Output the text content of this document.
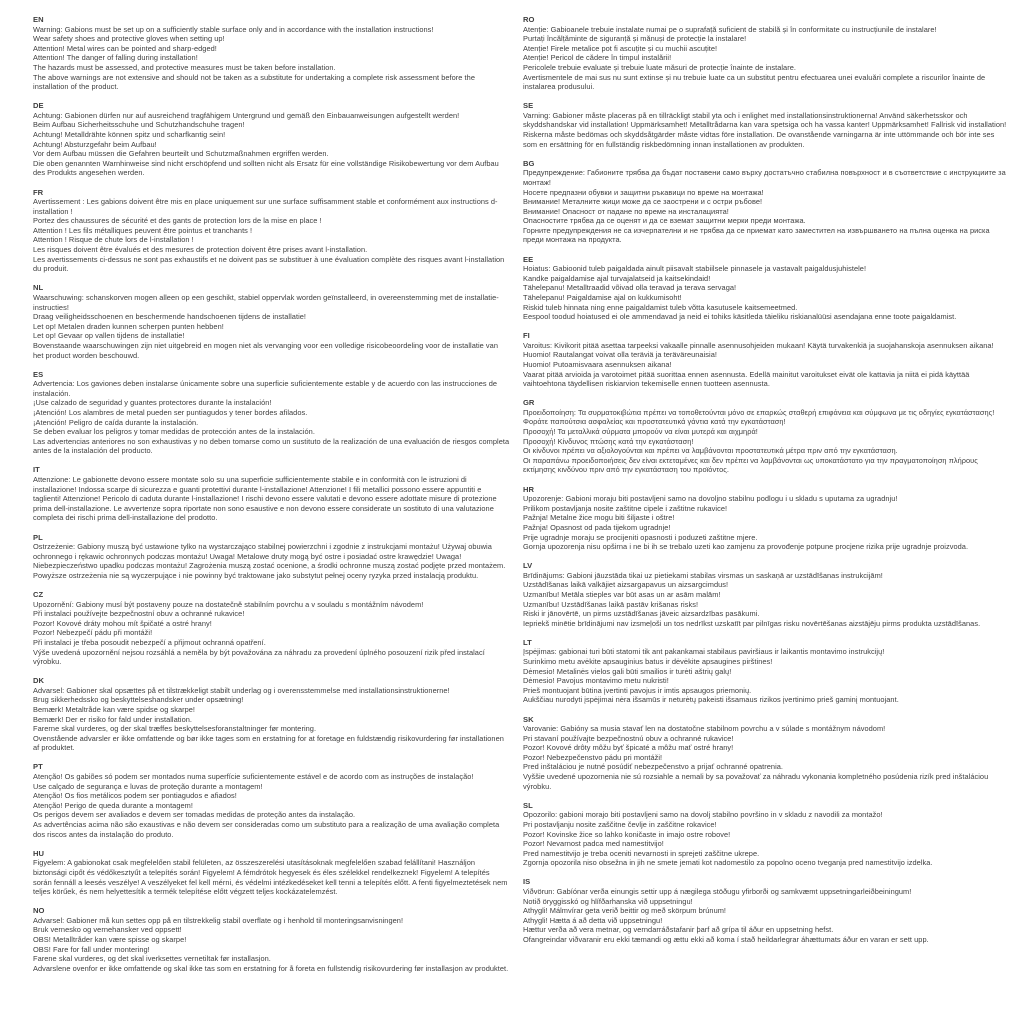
EN
Warning: Gabions must be set up on a sufficiently stable surface only and in accordance with the installation instructions!
Wear safety shoes and protective gloves when setting up!
Attention! Metal wires can be pointed and sharp-edged!
Attention! The danger of falling during installation!
The hazards must be assessed, and protective measures must be taken before installation.
The above warnings are not extensive and should not be taken as a substitute for undertaking a complete risk assessment before the installation of the product.
DE
Achtung: Gabionen dürfen nur auf ausreichend tragfähigem Untergrund und gemäß den Einbauanweisungen aufgestellt werden!
Beim Aufbau Sicherheitsschuhe und Schutzhandschuhe tragen!
Achtung! Metalldrähte können spitz und scharfkantig sein!
Achtung! Absturzgefahr beim Aufbau!
Vor dem Aufbau müssen die Gefahren beurteilt und Schutzmaßnahmen ergriffen werden.
Die oben genannten Warnhinweise sind nicht erschöpfend und sollten nicht als Ersatz für eine vollständige Risikobewertung vor dem Aufbau des Produkts angesehen werden.
FR
Avertissement : Les gabions doivent être mis en place uniquement sur une surface suffisamment stable et conformément aux instructions d-installation !
Portez des chaussures de sécurité et des gants de protection lors de la mise en place !
Attention ! Les fils métalliques peuvent être pointus et tranchants !
Attention ! Risque de chute lors de l-installation !
Les risques doivent être évalués et des mesures de protection doivent être prises avant l-installation.
Les avertissements ci-dessus ne sont pas exhaustifs et ne doivent pas se substituer à une évaluation complète des risques avant l-installation du produit.
NL
Waarschuwing: schanskorven mogen alleen op een geschikt, stabiel oppervlak worden geïnstalleerd, in overeenstemming met de installatie-instructies!
Draag veiligheidsschoenen en beschermende handschoenen tijdens de installatie!
Let op! Metalen draden kunnen scherpen punten hebben!
Let op! Gevaar op vallen tijdens de installatie!
Bovenstaande waarschuwingen zijn niet uitgebreid en mogen niet als vervanging voor een volledige risicobeoordeling voor de installatie van het product worden beschouwd.
ES
Advertencia: Los gaviones deben instalarse únicamente sobre una superficie suficientemente estable y de acuerdo con las instrucciones de instalación.
¡Use calzado de seguridad y guantes protectores durante la instalación!
¡Atención! Los alambres de metal pueden ser puntiagudos y tener bordes afilados.
¡Atención! Peligro de caída durante la instalación.
Se deben evaluar los peligros y tomar medidas de protección antes de la instalación.
Las advertencias anteriores no son exhaustivas y no deben tomarse como un sustituto de la realización de una evaluación de riesgos completa antes de la instalación del producto.
IT
Attenzione: Le gabionette devono essere montate solo su una superficie sufficientemente stabile e in conformità con le istruzioni di installazione! Indossa scarpe di sicurezza e guanti protettivi durante l-installazione! Attenzione! I fili metallici possono essere appuntiti e taglienti! Attenzione! Pericolo di caduta durante l-installazione! I rischi devono essere valutati e devono essere adottate misure di protezione prima dell-installazione. Le avvertenze sopra riportate non sono esaustive e non devono essere considerate un sostituto di una valutazione completa dei rischi prima dell-installazione del prodotto.
PL
Ostrzeżenie: Gabiony muszą być ustawione tylko na wystarczająco stabilnej powierzchni i zgodnie z instrukcjami montażu! Używaj obuwia ochronnego i rękawic ochronnych podczas montażu! Uwaga! Metalowe druty mogą być ostre i posiadać ostre krawędzie! Uwaga! Niebezpieczeństwo upadku podczas montażu! Zagrożenia muszą zostać ocenione, a środki ochronne muszą zostać podjęte przed montażem. Powyższe ostrzeżenia nie są wyczerpujące i nie powinny być traktowane jako substytut pełnej oceny ryzyka przed instalacją produktu.
CZ
Upozornění: Gabiony musí být postaveny pouze na dostatečně stabilním povrchu a v souladu s montážním návodem!
Při instalaci používejte bezpečnostní obuv a ochranné rukavice!
Pozor! Kovové dráty mohou mít špičaté a ostré hrany!
Pozor! Nebezpečí pádu při montáži!
Při instalaci je třeba posoudit nebezpečí a přijmout ochranná opatření.
Výše uvedená upozornění nejsou rozsáhlá a neměla by být považována za náhradu za provedení úplného posouzení rizik před instalací výrobku.
DK
Advarsel: Gabioner skal opsættes på et tilstrækkeligt stabilt underlag og i overensstemmelse med installationsinstruktionerne!
Brug sikkerhedssko og beskyttelseshandsker under opsætning!
Bemærk! Metaltråde kan være spidse og skarpe!
Bemærk! Der er risiko for fald under installation.
Farerne skal vurderes, og der skal træffes beskyttelsesforanstaltninger før montering.
Ovenstående advarsler er ikke omfattende og bør ikke tages som en erstatning for at foretage en fuldstændig risikovurdering før installationen af produktet.
PT
Atenção! Os gabiões só podem ser montados numa superfície suficientemente estável e de acordo com as instruções de instalação!
Use calçado de segurança e luvas de proteção durante a montagem!
Atenção! Os fios metálicos podem ser pontiagudos e afiados!
Atenção! Perigo de queda durante a montagem!
Os perigos devem ser avaliados e devem ser tomadas medidas de proteção antes da instalação.
As advertências acima não são exaustivas e não devem ser consideradas como um substituto para a realização de uma avaliação completa dos riscos antes da instalação do produto.
HU
Figyelem: A gabionokat csak megfelelően stabil felületen, az összeszerelési utasításoknak megfelelően szabad felállítani! Használjon biztonsági cipőt és védőkesztyűt a telepítés során! Figyelem! A fémdrótok hegyesek és éles szélekkel rendelkeznek! Figyelem! A telepítés során fennáll a leesés veszélye! A veszélyeket fel kell mérni, és védelmi intézkedéseket kell tenni a telepítés előtt. A fenti figyelmeztetések nem teljes körűek, és nem helyettesítik a termék telepítése előtt végzett teljes kockázatelemzést.
NO
Advarsel: Gabioner må kun settes opp på en tilstrekkelig stabil overflate og i henhold til monteringsanvisningen!
Bruk vernesko og vernehansker ved oppsett!
OBS! Metalltråder kan være spisse og skarpe!
OBS! Fare for fall under montering!
Farene skal vurderes, og det skal iverksettes vernetiltak før installasjon.
Advarslene ovenfor er ikke omfattende og skal ikke tas som en erstatning for å foreta en fullstendig risikovurdering før installasjon av produktet.
RO
Atenție: Gabioanele trebuie instalate numai pe o suprafață suficient de stabilă și în conformitate cu instrucțiunile de instalare!
Purtați încălțăminte de siguranță și mănuși de protecție la instalare!
Atenție! Firele metalice pot fi ascuțite și cu muchii ascuțite!
Atenție! Pericol de cădere în timpul instalării!
Pericolele trebuie evaluate și trebuie luate măsuri de protecție înainte de instalare.
Avertismentele de mai sus nu sunt extinse și nu trebuie luate ca un substitut pentru efectuarea unei evaluări complete a riscurilor înainte de instalarea produsului.
SE
Varning: Gabioner måste placeras på en tillräckligt stabil yta och i enlighet med installationsinstruktionerna! Använd säkerhetsskor och skyddshandskar vid installation! Uppmärksamhet! Metalltrådarna kan vara spetsiga och ha vassa kanter! Uppmärksamhet! Fallrisk vid installation! Riskerna måste bedömas och skyddsåtgärder måste vidtas före installation. De ovanstående varningarna är inte uttömmande och bör inte ses som en ersättning för en fullständig riskbedömning innan installationen av produkten.
BG
Предупреждение: Габионите трябва да бъдат поставени само върху достатъчно стабилна повърхност и в съответствие с инструкциите за монтаж!
Носете предпазни обувки и защитни ръкавици по време на монтажа!
Внимание! Металните жици може да се заострени и с остри ръбове!
Внимание! Опасност от падане по време на инсталацията!
Опасностите трябва да се оценят и да се вземат защитни мерки преди монтажа.
Горните предупреждения не са изчерпателни и не трябва да се приемат като заместител на извършването на пълна оценка на риска преди монтажа на продукта.
EE
Hoiatus: Gabioonid tuleb paigaldada ainult piisavalt stabiilsele pinnasele ja vastavalt paigaldusjuhistele!
Kandke paigaldamise ajal turvajalatseid ja kaitsekindaid!
Tähelepanu! Metalltraadid võivad olla teravad ja terava servaga!
Tähelepanu! Paigaldamise ajal on kukkumisoht!
Riskid tuleb hinnata ning enne paigaldamist tuleb võtta kasutusele kaitsemeetmed.
Eespool toodud hoiatused ei ole ammendavad ja neid ei tohiks käsitleda täieliku riskianalüüsi asendajana enne toote paigaldamist.
FI
Varoitus: Kivikorit pitää asettaa tarpeeksi vakaalle pinnalle asennusohjeiden mukaan! Käytä turvakenkiä ja suojahanskoja asennuksen aikana!
Huomio! Rautalangat voivat olla teräviä ja teräväreunaisia!
Huomio! Putoamisvaara asennuksen aikana!
Vaarat pitää arvioida ja varotoimet pitää suorittaa ennen asennusta. Edellä mainitut varoitukset eivät ole kattavia ja niitä ei pidä käyttää vaihtoehtona täydellisen riskiarvion tekemiselle ennen tuotteen asennusta.
GR
Προειδοποίηση: Τα συρματοκιβώτια πρέπει να τοποθετούνται μόνο σε επαρκώς σταθερή επιφάνεια και σύμφωνα με τις οδηγίες εγκατάστασης!
Φοράτε παπούτσια ασφαλείας και προστατευτικά γάντια κατά την εγκατάσταση!
Προσοχή! Τα μεταλλικά σύρματα μπορούν να είναι μυτερά και αιχμηρά!
Προσοχή! Κίνδυνος πτώσης κατά την εγκατάσταση!
Οι κίνδυνοι πρέπει να αξιολογούνται και πρέπει να λαμβάνονται προστατευτικά μέτρα πριν από την εγκατάσταση.
Οι παραπάνω προειδοποιήσεις δεν είναι εκτεταμένες και δεν πρέπει να λαμβάνονται ως υποκατάστατο για την πραγματοποίηση πλήρους εκτίμησης κινδύνου πριν από την εγκατάσταση του προϊόντος.
HR
Upozorenje: Gabioni moraju biti postavljeni samo na dovoljno stabilnu podlogu i u skladu s uputama za ugradnju!
Prilikom postavljanja nosite zaštitne cipele i zaštitne rukavice!
Pažnja! Metalne žice mogu biti šiljaste i oštre!
Pažnja! Opasnost od pada tijekom ugradnje!
Prije ugradnje moraju se procijeniti opasnosti i poduzeti zaštitne mjere.
Gornja upozorenja nisu opširna i ne bi ih se trebalo uzeti kao zamjenu za provođenje potpune procjene rizika prije ugradnje proizvoda.
LV
Brīdinājums: Gabioni jāuzstāda tikai uz pietiekami stabilas virsmas un saskaņā ar uzstādīšanas instrukcijām!
Uzstādīšanas laikā valkājiet aizsargapavus un aizsargcimdus!
Uzmanību! Metāla stieples var būt asas un ar asām malām!
Uzmanību! Uzstādīšanas laikā pastāv krišanas risks!
Riski ir jānovērtē, un pirms uzstādīšanas jāveic aizsardzības pasākumi.
Iepriekš minētie brīdinājumi nav izsmeļoši un tos nedrīkst uzskatīt par pilnīgas risku novērtēšanas aizstājēju pirms produkta uzstādīšanas.
LT
Įspėjimas: gabionai turi būti statomi tik ant pakankamai stabilaus paviršiaus ir laikantis montavimo instrukcijų!
Surinkimo metu avėkite apsauginius batus ir dėvėkite apsaugines pirštines!
Dėmesio! Metalinės vielos gali būti smailios ir turėti aštrių galų!
Dėmesio! Pavojus montavimo metu nukristi!
Prieš montuojant būtina įvertinti pavojus ir imtis apsaugos priemonių.
Aukščiau nurodyti įspėjimai nėra išsamūs ir neturėtų pakeisti išsamaus rizikos įvertinimo prieš gaminį montuojant.
SK
Varovanie: Gabióny sa musia stavať len na dostatočne stabilnom povrchu a v súlade s montážnym návodom!
Pri stavaní používajte bezpečnostnú obuv a ochranné rukavice!
Pozor! Kovové drôty môžu byť špicaté a môžu mať ostré hrany!
Pozor! Nebezpečenstvo pádu pri montáži!
Pred inštaláciou je nutné posúdiť nebezpečenstvo a prijať ochranné opatrenia.
Vyššie uvedené upozornenia nie sú rozsiahle a nemali by sa považovať za náhradu vykonania kompletného posúdenia rizík pred inštaláciou výrobku.
SL
Opozorilo: gabioni morajo biti postavljeni samo na dovolj stabilno površino in v skladu z navodili za montažo!
Pri postavljanju nosite zaščitne čevlje in zaščitne rokavice!
Pozor! Kovinske žice so lahko koničaste in imajo ostre robove!
Pozor! Nevarnost padca med namestitvijo!
Pred namestitvijo je treba oceniti nevarnosti in sprejeti zaščitne ukrepe.
Zgornja opozorila niso obsežna in jih ne smete jemati kot nadomestilo za popolno oceno tveganja pred namestitvijo izdelka.
IS
Viðvörun: Gabíónar verða einungis settir upp á nægilega stöðugu yfirborði og samkvæmt uppsetningarleiðbeiningum!
Notið öryggisskó og hlífðarhanska við uppsetningu!
Athygli! Málmvírar geta verið beittir og með skörpum brúnum!
Athygli! Hætta á að detta við uppsetningu!
Hættur verða að vera metnar, og verndarráðstafanir þarf að grípa til áður en uppsetning hefst.
Ofangreindar viðvaranir eru ekki tæmandi og ættu ekki að koma í stað heildarlegrar áhættumats áður en varan er sett upp.
